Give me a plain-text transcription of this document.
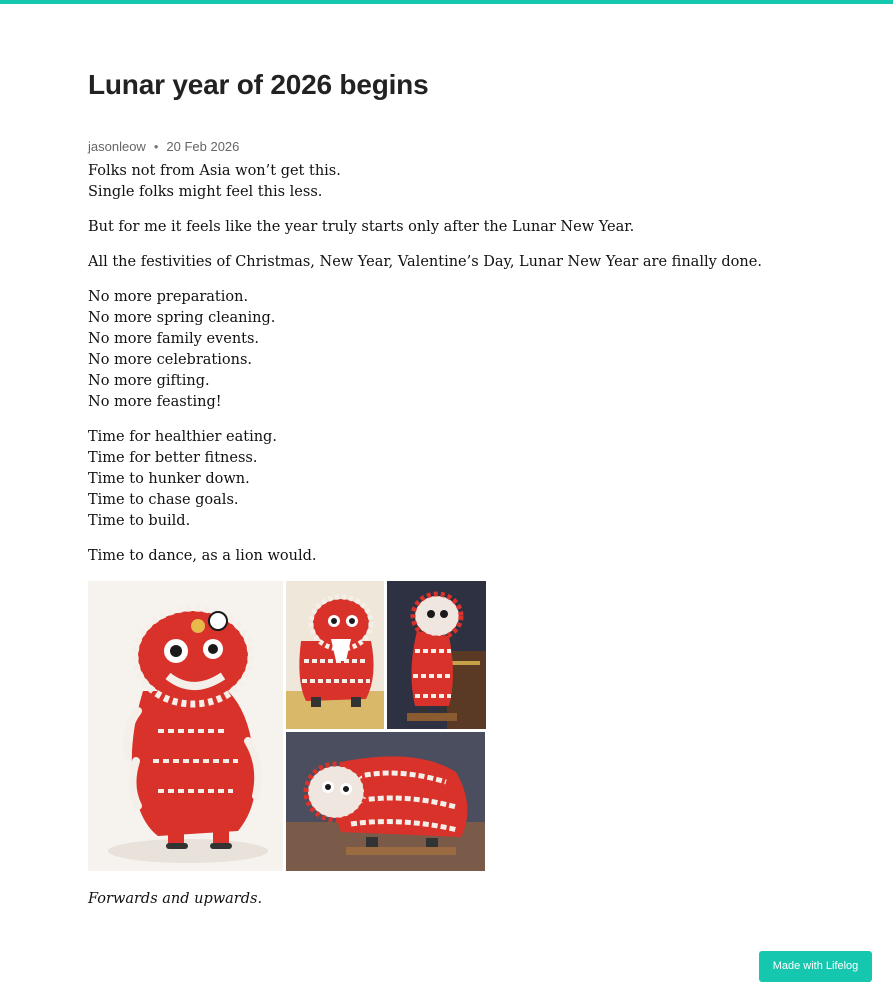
Lunar year of 2026 begins
jasonleow • 20 Feb 2026

Folks not from Asia won’t get this.
Single folks might feel this less.

But for me it feels like the year truly starts only after the Lunar New Year.

All the festivities of Christmas, New Year, Valentine’s Day, Lunar New Year are finally done.

No more preparation.
No more spring cleaning.
No more family events.
No more celebrations.
No more gifting.
No more feasting!

Time for healthier eating.
Time for better fitness.
Time to hunker down.
Time to chase goals.
Time to build.

Time to dance, as a lion would.

Forwards and upwards.
Made with Lifelog
